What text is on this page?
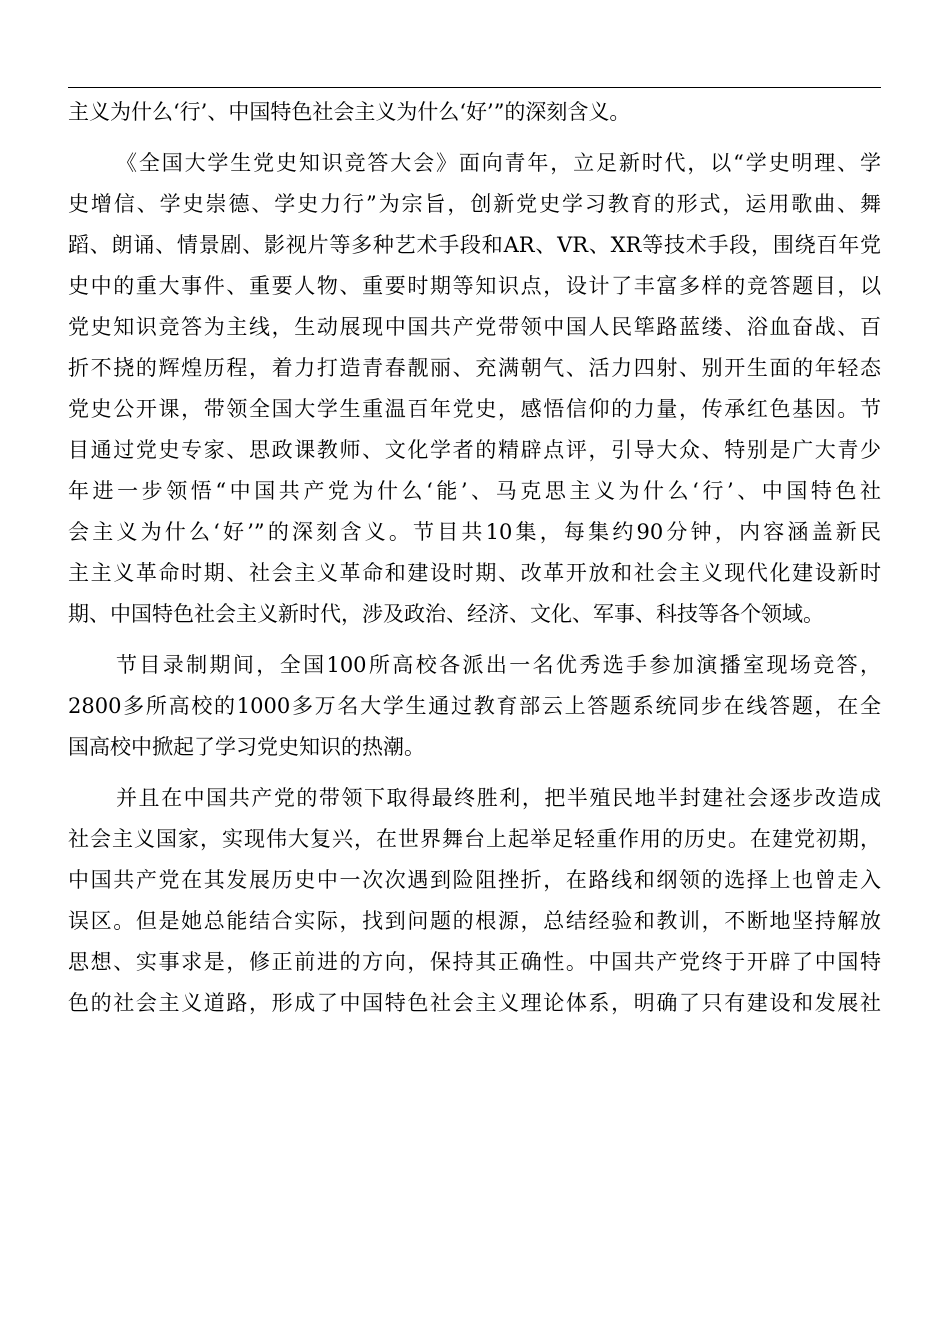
主义为什么‘行’、中国特色社会主义为什么‘好’”的深刻含义。
《全国大学生党史知识竞答大会》面向青年，立足新时代，以“学史明理、学
史增信、学史崇德、学史力行”为宗旨，创新党史学习教育的形式，运用歌曲、舞
蹈、朗诵、情景剧、影视片等多种艺术手段和AR、VR、XR等技术手段，围绕百年党
史中的重大事件、重要人物、重要时期等知识点，设计了丰富多样的竞答题目，以
党史知识竞答为主线，生动展现中国共产党带领中国人民筚路蓝缕、浴血奋战、百
折不挠的辉煌历程，着力打造青春靓丽、充满朝气、活力四射、别开生面的年轻态
党史公开课，带领全国大学生重温百年党史，感悟信仰的力量，传承红色基因。节
目通过党史专家、思政课教师、文化学者的精辟点评，引导大众、特别是广大青少
年进一步领悟“中国共产党为什么‘能’、马克思主义为什么‘行’、中国特色社
会主义为什么‘好’”的深刻含义。节目共10集，每集约90分钟，内容涵盖新民
主主义革命时期、社会主义革命和建设时期、改革开放和社会主义现代化建设新时
期、中国特色社会主义新时代，涉及政治、经济、文化、军事、科技等各个领域。
节目录制期间，全国100所高校各派出一名优秀选手参加演播室现场竞答，
2800多所高校的1000多万名大学生通过教育部云上答题系统同步在线答题，在全
国高校中掀起了学习党史知识的热潮。
并且在中国共产党的带领下取得最终胜利，把半殖民地半封建社会逐步改造成
社会主义国家，实现伟大复兴，在世界舞台上起举足轻重作用的历史。在建党初期，
中国共产党在其发展历史中一次次遇到险阻挫折，在路线和纲领的选择上也曾走入
误区。但是她总能结合实际，找到问题的根源，总结经验和教训，不断地坚持解放
思想、实事求是，修正前进的方向，保持其正确性。中国共产党终于开辟了中国特
色的社会主义道路，形成了中国特色社会主义理论体系，明确了只有建设和发展社
